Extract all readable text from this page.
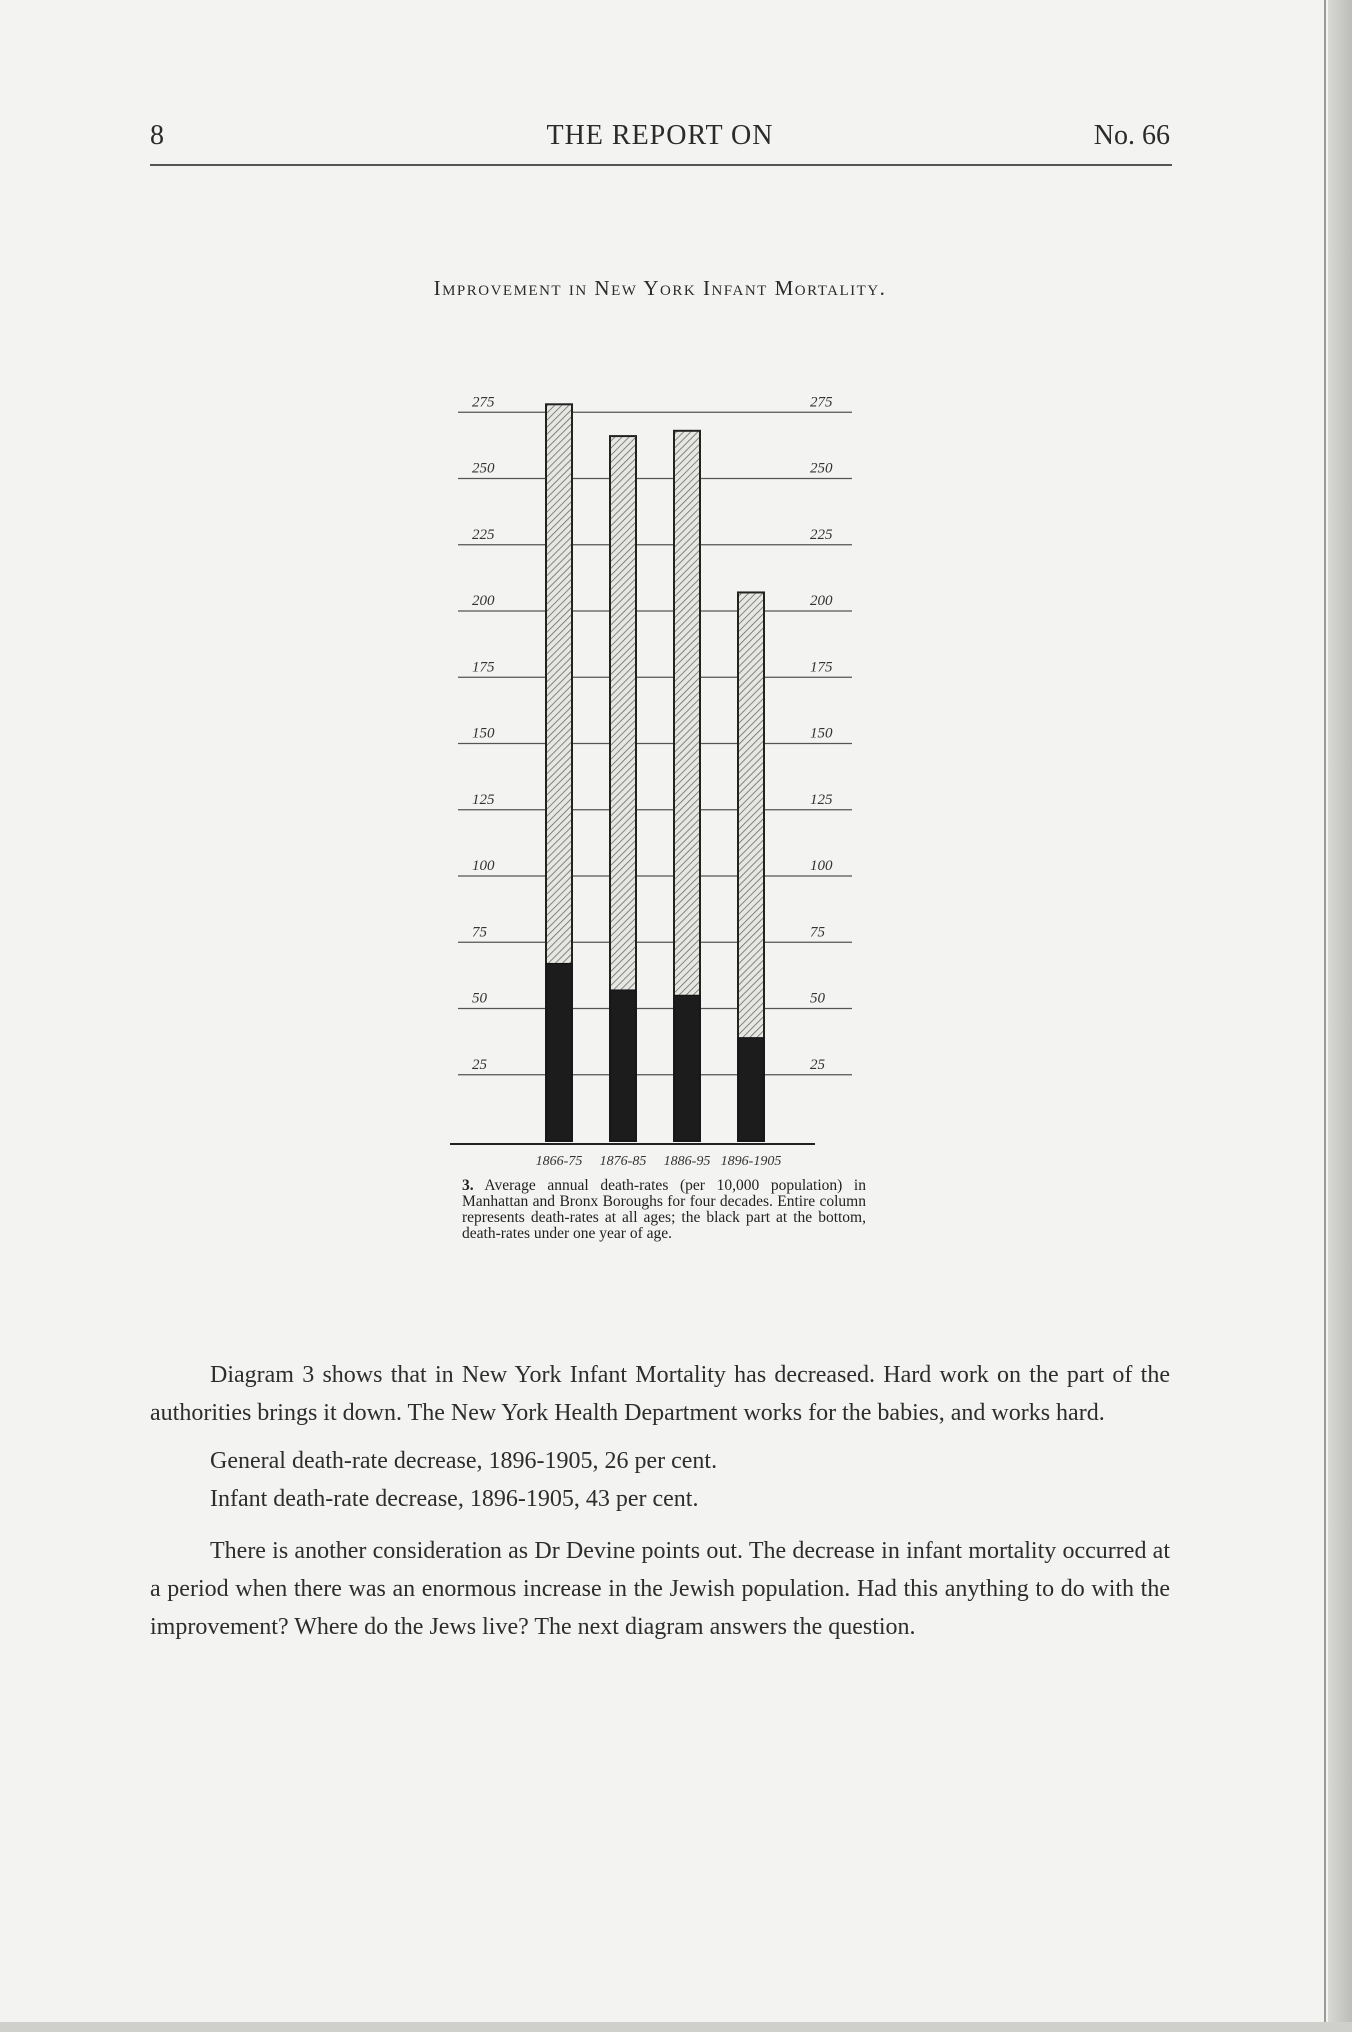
8	THE REPORT ON	No. 66
Improvement in New York Infant Mortality.
25	25
50	50
75	75
100	100
125	125
150	150
175	175
200	200
225	225
250	250
275	275
1866-75 1876-85 1886-95 1896-1905
3. Average annual death-rates (per 10,000 population) in Manhattan and Bronx Boroughs for four decades. Entire column represents death-rates at all ages; the black part at the bottom, death-rates under one year of age.

Diagram 3 shows that in New York Infant Mortality has decreased. Hard work on the part of the authorities brings it down. The New York Health Department works for the babies, and works hard.

General death-rate decrease, 1896-1905, 26 per cent.

Infant death-rate decrease, 1896-1905, 43 per cent.

There is another consideration as Dr Devine points out. The decrease in infant mortality occurred at a period when there was an enormous increase in the Jewish population. Had this anything to do with the improvement? Where do the Jews live? The next diagram answers the question.
